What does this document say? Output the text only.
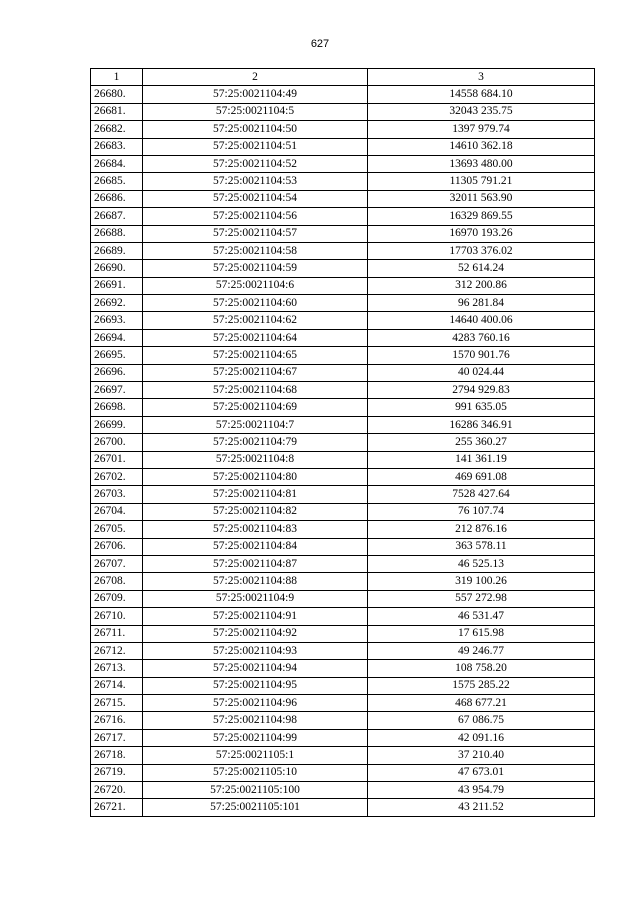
627
1	2	3
26680.	57:25:0021104:49	14558 684.10
26681.	57:25:0021104:5	32043 235.75
26682.	57:25:0021104:50	1397 979.74
26683.	57:25:0021104:51	14610 362.18
26684.	57:25:0021104:52	13693 480.00
26685.	57:25:0021104:53	11305 791.21
26686.	57:25:0021104:54	32011 563.90
26687.	57:25:0021104:56	16329 869.55
26688.	57:25:0021104:57	16970 193.26
26689.	57:25:0021104:58	17703 376.02
26690.	57:25:0021104:59	52 614.24
26691.	57:25:0021104:6	312 200.86
26692.	57:25:0021104:60	96 281.84
26693.	57:25:0021104:62	14640 400.06
26694.	57:25:0021104:64	4283 760.16
26695.	57:25:0021104:65	1570 901.76
26696.	57:25:0021104:67	40 024.44
26697.	57:25:0021104:68	2794 929.83
26698.	57:25:0021104:69	991 635.05
26699.	57:25:0021104:7	16286 346.91
26700.	57:25:0021104:79	255 360.27
26701.	57:25:0021104:8	141 361.19
26702.	57:25:0021104:80	469 691.08
26703.	57:25:0021104:81	7528 427.64
26704.	57:25:0021104:82	76 107.74
26705.	57:25:0021104:83	212 876.16
26706.	57:25:0021104:84	363 578.11
26707.	57:25:0021104:87	46 525.13
26708.	57:25:0021104:88	319 100.26
26709.	57:25:0021104:9	557 272.98
26710.	57:25:0021104:91	46 531.47
26711.	57:25:0021104:92	17 615.98
26712.	57:25:0021104:93	49 246.77
26713.	57:25:0021104:94	108 758.20
26714.	57:25:0021104:95	1575 285.22
26715.	57:25:0021104:96	468 677.21
26716.	57:25:0021104:98	67 086.75
26717.	57:25:0021104:99	42 091.16
26718.	57:25:0021105:1	37 210.40
26719.	57:25:0021105:10	47 673.01
26720.	57:25:0021105:100	43 954.79
26721.	57:25:0021105:101	43 211.52
